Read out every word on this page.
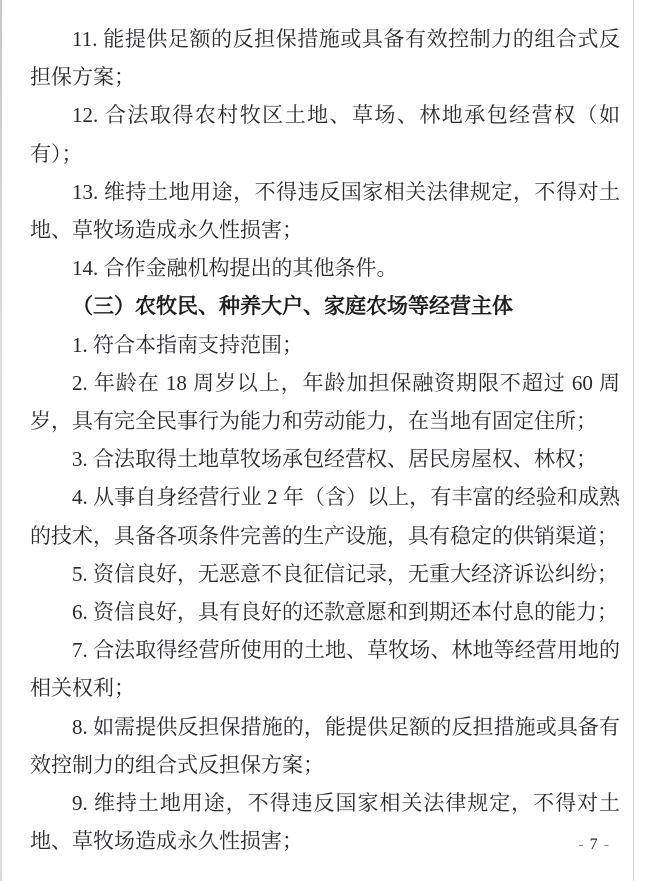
11. 能提供足额的反担保措施或具备有效控制力的组合式反担保方案；

12. 合法取得农村牧区土地、草场、林地承包经营权（如有）；

13. 维持土地用途，不得违反国家相关法律规定，不得对土地、草牧场造成永久性损害；

14. 合作金融机构提出的其他条件。

（三）农牧民、种养大户、家庭农场等经营主体

1. 符合本指南支持范围；

2. 年龄在 18 周岁以上，年龄加担保融资期限不超过 60 周岁，具有完全民事行为能力和劳动能力，在当地有固定住所；

3. 合法取得土地草牧场承包经营权、居民房屋权、林权；

4. 从事自身经营行业 2 年（含）以上，有丰富的经验和成熟的技术，具备各项条件完善的生产设施，具有稳定的供销渠道；

5. 资信良好，无恶意不良征信记录，无重大经济诉讼纠纷；

6. 资信良好，具有良好的还款意愿和到期还本付息的能力；

7. 合法取得经营所使用的土地、草牧场、林地等经营用地的相关权利；

8. 如需提供反担保措施的，能提供足额的反担措施或具备有效控制力的组合式反担保方案；

9. 维持土地用途，不得违反国家相关法律规定，不得对土地、草牧场造成永久性损害；	- 7 -
